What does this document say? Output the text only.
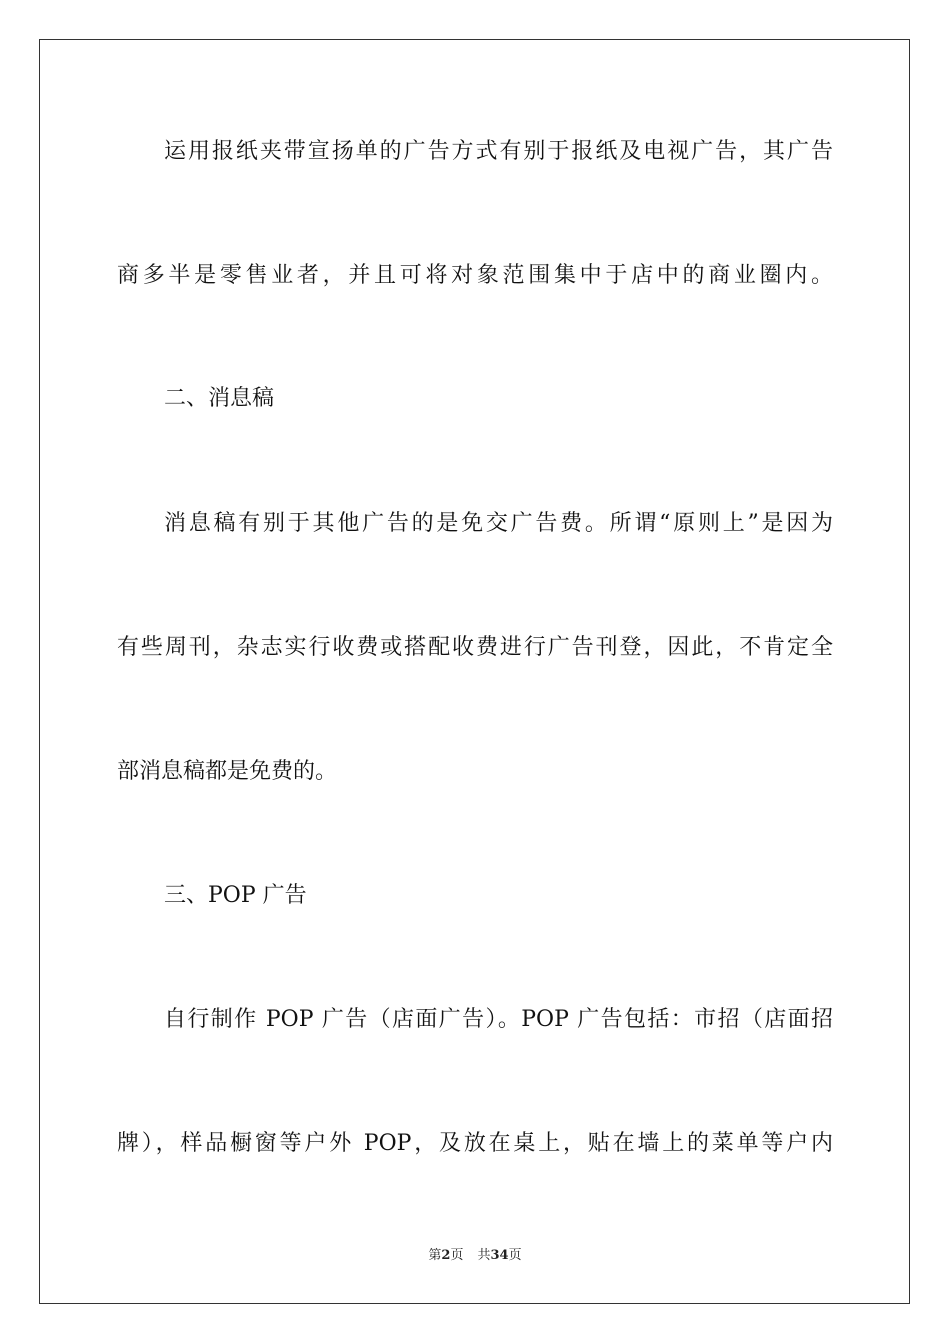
运用报纸夹带宣扬单的广告方式有别于报纸及电视广告，其广告
商多半是零售业者，并且可将对象范围集中于店中的商业圈内。
二、消息稿
消息稿有别于其他广告的是免交广告费。所谓“原则上”是因为
有些周刊，杂志实行收费或搭配收费进行广告刊登，因此，不肯定全
部消息稿都是免费的。
三、POP 广告
自行制作 POP 广告（店面广告）。POP 广告包括：市招（店面招
牌），样品橱窗等户外 POP，及放在桌上，贴在墙上的菜单等户内
第2页 共34页
